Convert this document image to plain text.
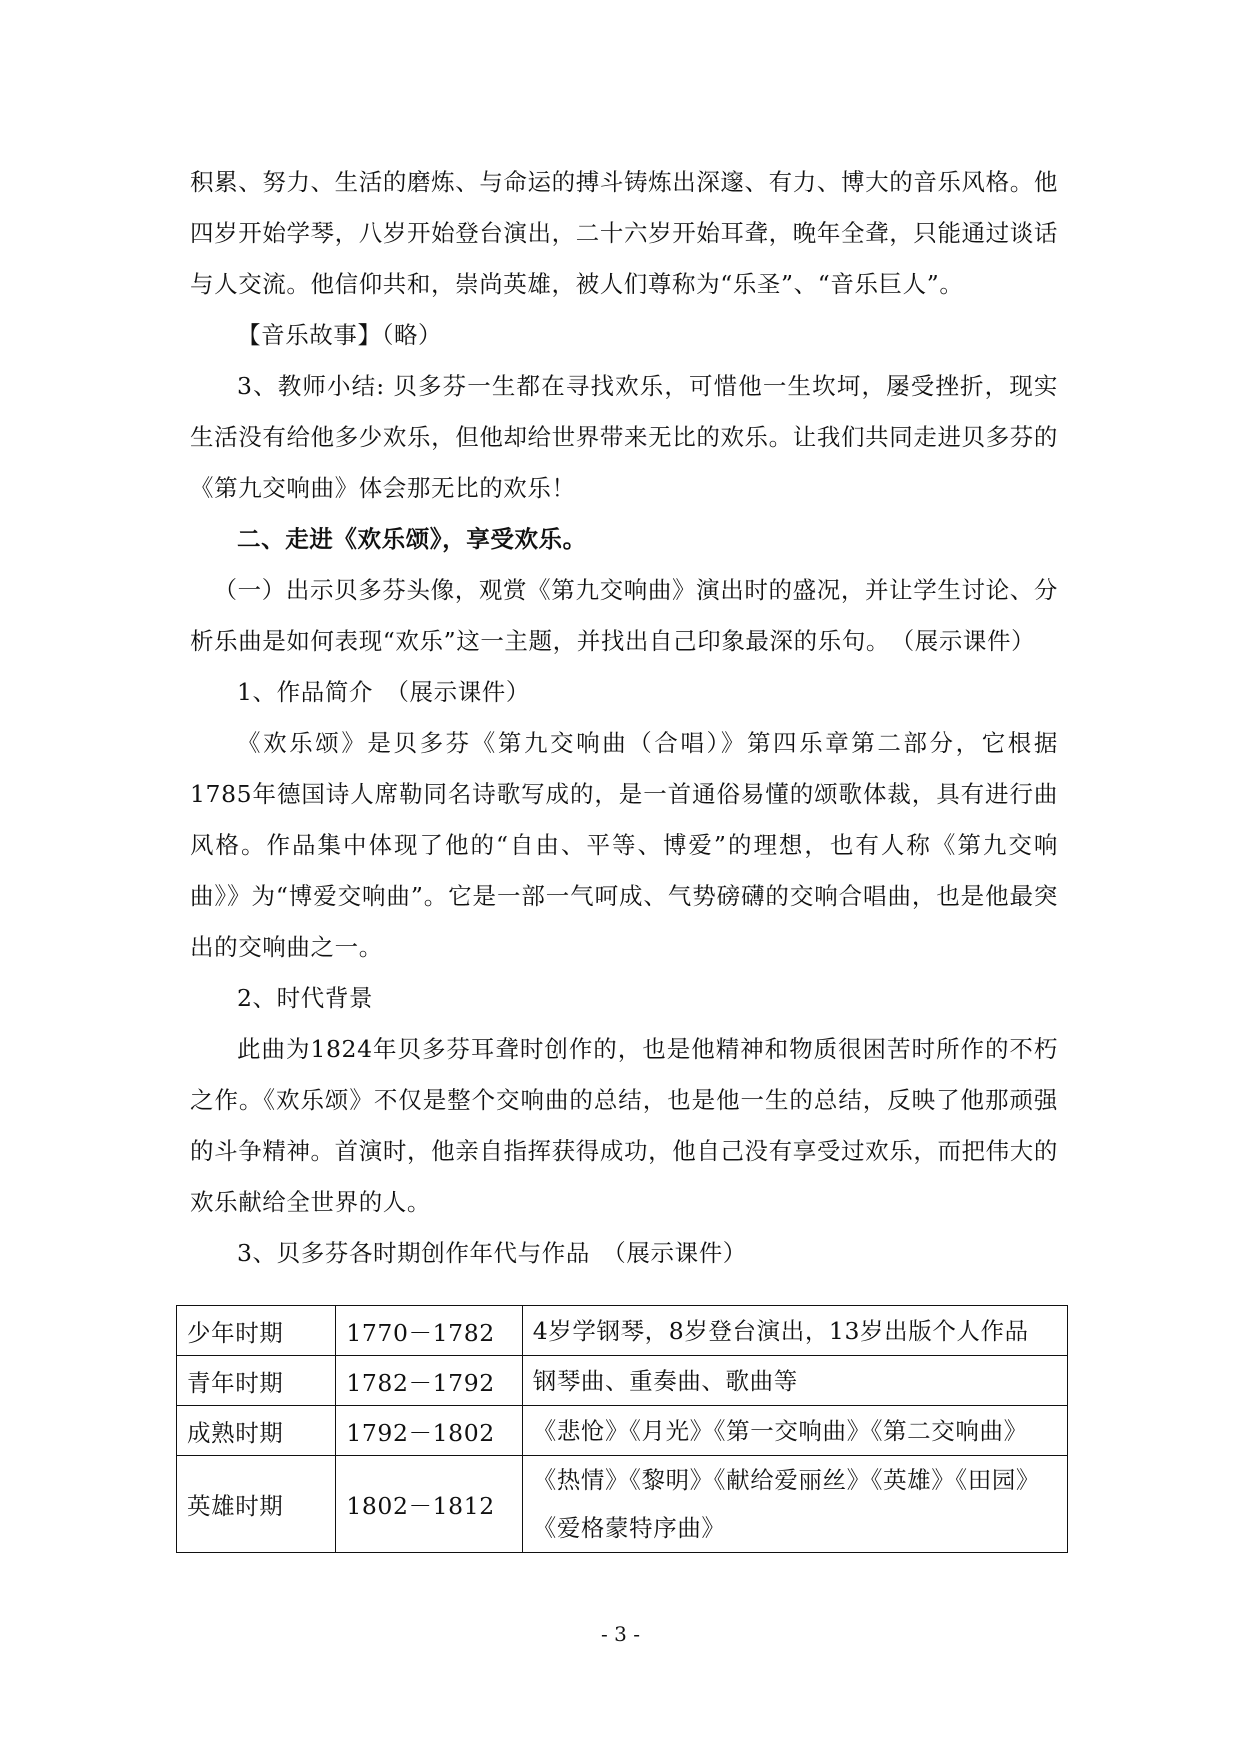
积累、努力、生活的磨炼、与命运的搏斗铸炼出深邃、有力、博大的音乐风格。他四岁开始学琴，八岁开始登台演出，二十六岁开始耳聋，晚年全聋，只能通过谈话与人交流。他信仰共和，崇尚英雄，被人们尊称为“乐圣”、“音乐巨人”。

【音乐故事】（略）

3、教师小结: 贝多芬一生都在寻找欢乐，可惜他一生坎坷，屡受挫折，现实生活没有给他多少欢乐，但他却给世界带来无比的欢乐。让我们共同走进贝多芬的《第九交响曲》体会那无比的欢乐！

二、走进《欢乐颂》，享受欢乐。

（一）出示贝多芬头像，观赏《第九交响曲》演出时的盛况，并让学生讨论、分析乐曲是如何表现“欢乐”这一主题，并找出自己印象最深的乐句。　（展示课件）

1、作品简介　（展示课件）

《欢乐颂》是贝多芬《第九交响曲（合唱）》第四乐章第二部分，它根据1785年德国诗人席勒同名诗歌写成的，是一首通俗易懂的颂歌体裁，具有进行曲风格。作品集中体现了他的“自由、平等、博爱”的理想，也有人称《第九交响曲》》为“博爱交响曲”。它是一部一气呵成、气势磅礴的交响合唱曲，也是他最突出的交响曲之一。

2、时代背景

此曲为1824年贝多芬耳聋时创作的，也是他精神和物质很困苦时所作的不朽之作。《欢乐颂》不仅是整个交响曲的总结，也是他一生的总结，反映了他那顽强的斗争精神。首演时，他亲自指挥获得成功，他自己没有享受过欢乐，而把伟大的欢乐献给全世界的人。

3、贝多芬各时期创作年代与作品　（展示课件）

少年时期	1770－1782	4岁学钢琴，8岁登台演出，13岁出版个人作品

青年时期	1782－1792	钢琴曲、重奏曲、歌曲等

成熟时期	1792－1802	《悲怆》《月光》《第一交响曲》《第二交响曲》

英雄时期	1802－1812	《热情》《黎明》《献给爱丽丝》《英雄》《田园》
《爱格蒙特序曲》
- 3 -
